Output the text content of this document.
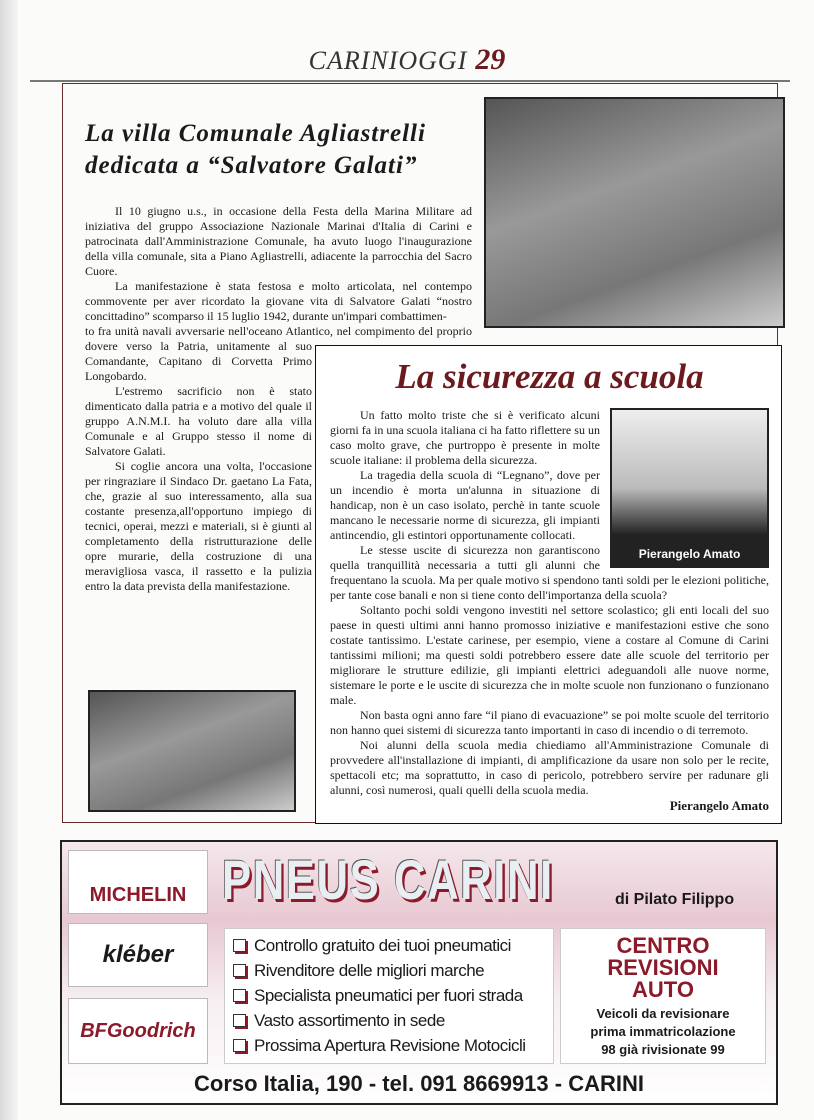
CARINIOGGI 29
La villa Comunale Agliastrelli
dedicata a “Salvatore Galati”

Il 10 giugno u.s., in occasione della Festa della Marina Militare ad iniziativa del gruppo Associazione Nazionale Marinai d'Italia di Carini e patrocinata dall'Amministrazione Comunale, ha avuto luogo l'inaugurazione della villa comunale, sita a Piano Agliastrelli, adiacente la parrocchia del Sacro Cuore.

La manifestazione è stata festosa e molto articolata, nel contempo commovente per aver ricordato la giovane vita di Salvatore Galati “nostro concittadino” scomparso il 15 luglio 1942, durante un'impari combattimen-

to fra unità navali avversarie nell'oceano Atlantico, nel compimento del proprio dovere verso la Patria, unitamente al suo Comandante, Capitano di Corvetta Primo Longobardo.

L'estremo sacrificio non è stato dimenticato dalla patria e a motivo del quale il gruppo A.N.M.I. ha voluto dare alla villa Comunale e al Gruppo stesso il nome di Salvatore Galati.

Si coglie ancora una volta, l'occasione per ringraziare il Sindaco Dr. gaetano La Fata, che, grazie al suo interessamento, alla sua costante presenza,all'opportuno impiego di tecnici, operai, mezzi e materiali, si è giunti al completamento della ristrutturazione delle opre murarie, della costruzione di una meravigliosa vasca, il rassetto e la pulizia entro la data prevista della manifestazione.

La sicurezza a scuola
Pierangelo Amato

Un fatto molto triste che si è verificato alcuni giorni fa in una scuola italiana ci ha fatto riflettere su un caso molto grave, che purtroppo è presente in molte scuole italiane: il problema della sicurezza.

La tragedia della scuola di “Legnano”, dove per un incendio è morta un'alunna in situazione di handicap, non è un caso isolato, perchè in tante scuole mancano le necessarie norme di sicurezza, gli impianti antincendio, gli estintori opportunamente collocati.

Le stesse uscite di sicurezza non garantiscono quella tranquillità necessaria a tutti gli alunni che frequentano la scuola. Ma per quale motivo si spendono tanti soldi per le elezioni politiche, per tante cose banali e non si tiene conto dell'importanza della scuola?

Soltanto pochi soldi vengono investiti nel settore scolastico; gli enti locali del suo paese in questi ultimi anni hanno promosso iniziative e manifestazioni estive che sono costate tantissimo. L'estate carinese, per esempio, viene a costare al Comune di Carini tantissimi milioni; ma questi soldi potrebbero essere date alle scuole del territorio per migliorare le strutture edilizie, gli impianti elettrici adeguandoli alle nuove norme, sistemare le porte e le uscite di sicurezza che in molte scuole non funzionano o funzionano male.

Non basta ogni anno fare “il piano di evacuazione” se poi molte scuole del territorio non hanno quei sistemi di sicurezza tanto importanti in caso di incendio o di terremoto.

Noi alunni della scuola media chiediamo all'Amministrazione Comunale di provvedere all'installazione di impianti, di amplificazione da usare non solo per le recite, spettacoli etc; ma soprattutto, in caso di pericolo, potrebbero servire per radunare gli alunni, così numerosi, quali quelli della scuola media.

Pierangelo Amato
MICHELIN
kléber
BFGoodrich
PNEUS CARINI	di Pilato Filippo
Controllo gratuito dei tuoi pneumatici
Rivenditore delle migliori marche
Specialista pneumatici per fuori strada
Vasto assortimento in sede
Prossima Apertura Revisione Motocicli
CENTRO
REVISIONI
AUTO
Veicoli da revisionare
prima immatricolazione
98 già rivisionate 99
Corso Italia, 190 - tel. 091 8669913 - CARINI
